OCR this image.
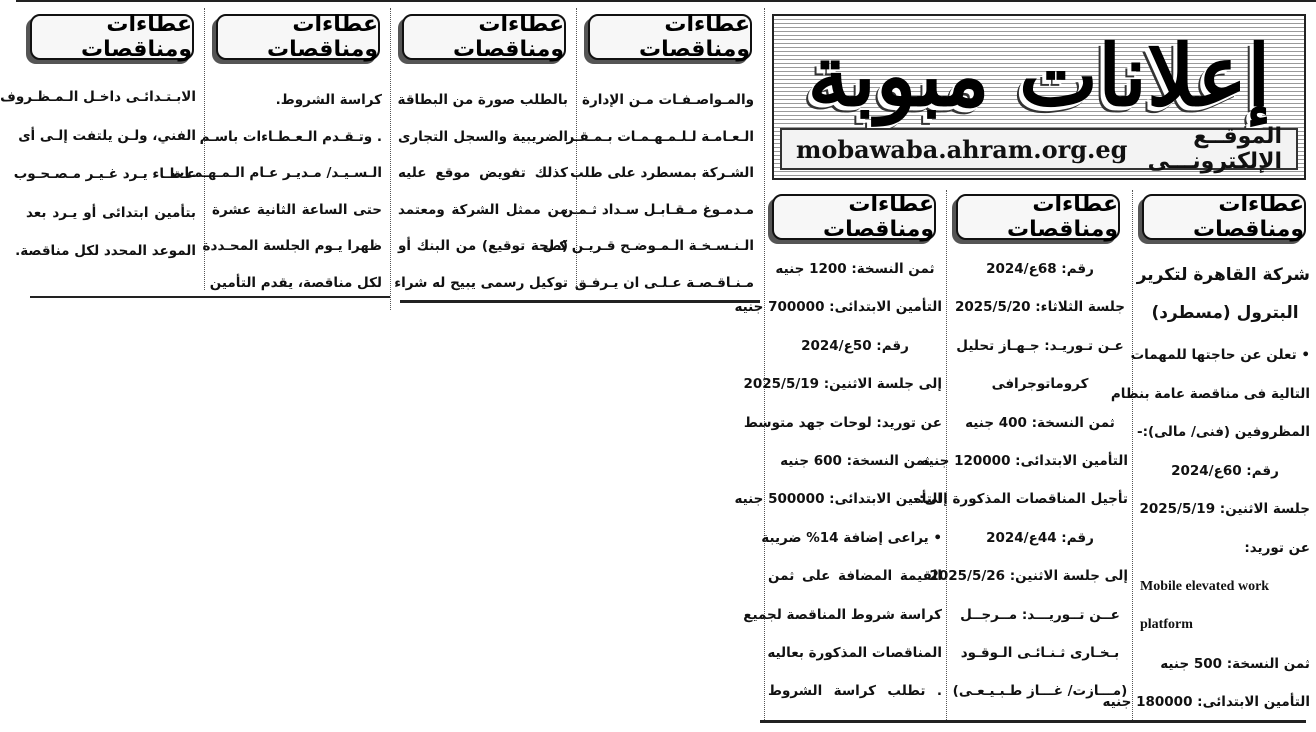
عطاءات ومناقصات
عطاءات ومناقصات
عطاءات ومناقصات
عطاءات ومناقصات
والمـواصـفـات مـن الإدارة
الـعـامـة لـلـمـهـمـات بـمـقـر
الشـركة بمسطرد على طلب
مـدمـوغ مـقـابـل سـداد ثـمـن
الـنـسـخـة الـمـوضـح قـريـن كـل
مـنـاقـصـة عـلـى ان يـرفـق
بالطلب صورة من البطاقة
الضريبية والسجل التجارى
كذلك تفويض موقع عليه
من ممثل الشركة ومعتمد
(صحة توقيع) من البنك أو
توكيل رسمى يبيح له شراء
كراسة الشروط.
. وتـقـدم الـعـطـاءات باسـم
الـسـيـد/ مـديـر عـام الـمـهـمـات
حتى الساعة الثانية عشرة
ظهرا يـوم الجلسة المحـددة
لكل مناقصة، يقدم التأمين
الابـتـدائـى داخـل الـمـظـروف
الفني، ولـن يلتفت إلـى أى
عـطـاء يـرد غـيـر مـصـحـوب
بتأمين ابتدائى أو يـرد بعد
الموعد المحدد لكل مناقصة.
إعلانات مبوبة
الموقــع الإلكترونـــى
mobawaba.ahram.org.eg
عطاءات ومناقصات
عطاءات ومناقصات
عطاءات ومناقصات
شركة القاهرة لتكرير
البترول (مسطرد)
• تعلن عن حاجتها للمهمات
التالية فى مناقصة عامة بنظام
المظروفين (فنى/ مالى):-
رقم: 60ع/2024
جلسة الاثنين: 2025/5/19
عن توريد:
Mobile elevated work
platform
ثمن النسخة: 500 جنيه
التأمين الابتدائى: 180000 جنيه
رقم: 68ع/2024
جلسة الثلاثاء: 2025/5/20
عـن تـوريـد: جـهـاز تحليل
كروماتوجرافى
ثمن النسخة: 400 جنيه
التأمين الابتدائى: 120000 جنيه
تأجيل المناقصات المذكورة إلى:-
رقم: 44ع/2024
إلى جلسة الاثنين: 2025/5/26
عــن تــوريـــد: مــرجــل
بـخـارى ثـنـائـى الـوقـود
(مـــازت/ غـــاز طـبـيـعـى)
ثمن النسخة: 1200 جنيه
التأمين الابتدائى: 700000 جنيه
رقم: 50ع/2024
إلى جلسة الاثنين: 2025/5/19
عن توريد: لوحات جهد متوسط
ثمن النسخة: 600 جنيه
التأمين الابتدائى: 500000 جنيه
• يراعى إضافة 14% ضريبة
القيمة المضافة على ثمن
كراسة شروط المناقصة لجميع
المناقصات المذكورة بعاليه
. تطلب كراسة الشروط
